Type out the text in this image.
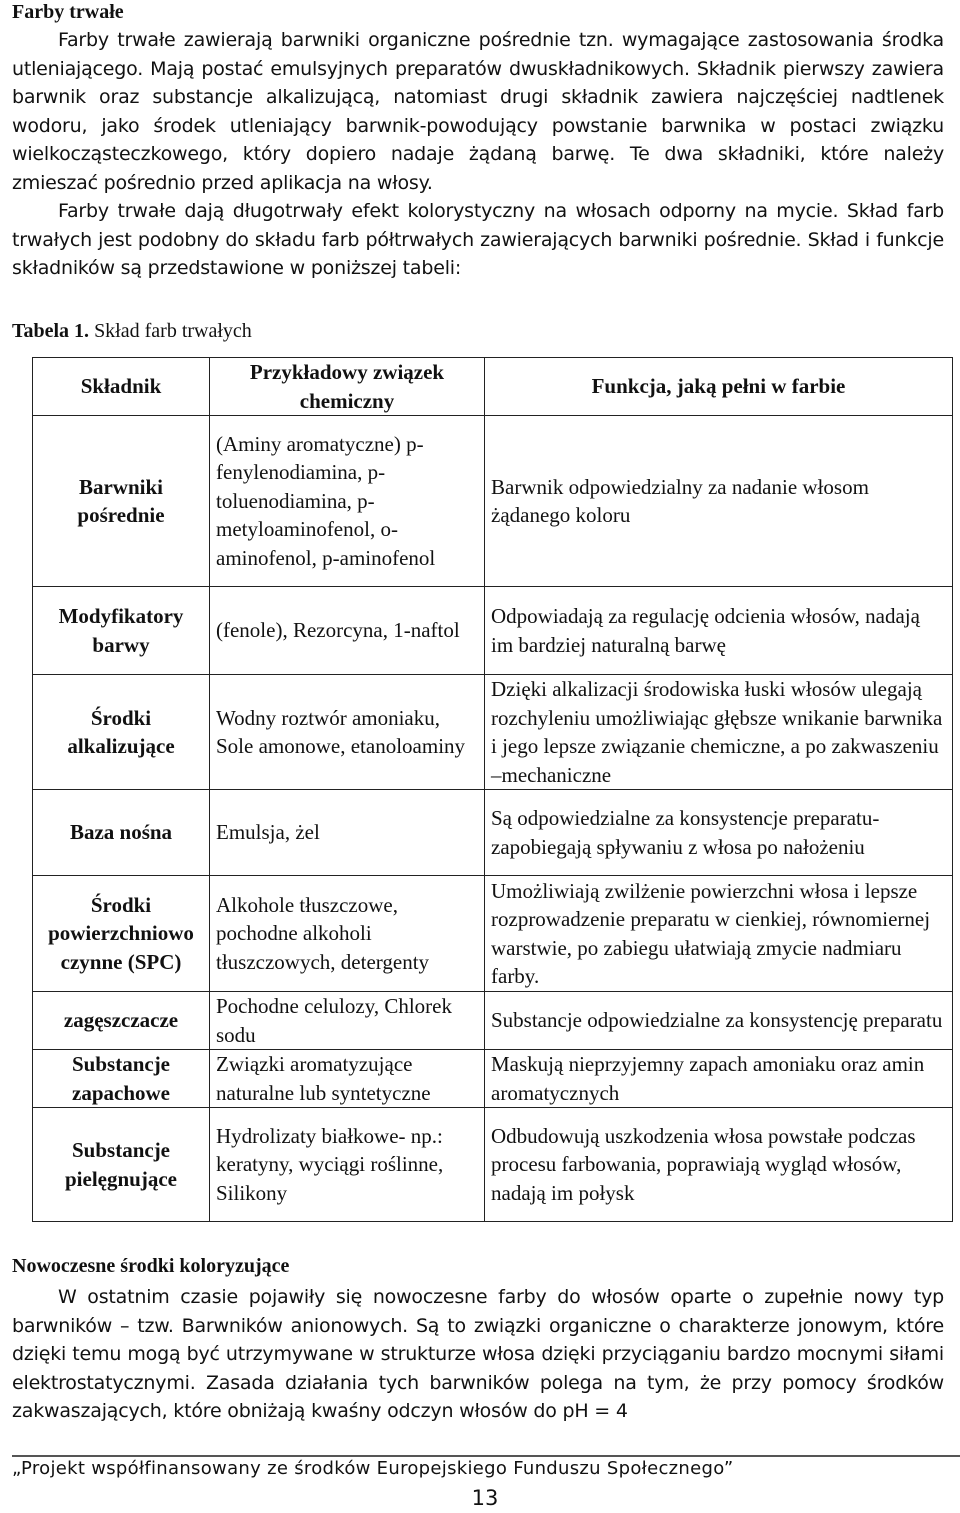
Farby trwałe

Farby trwałe zawierają barwniki organiczne pośrednie tzn. wymagające zastosowania środka utleniającego. Mają postać emulsyjnych preparatów dwuskładnikowych. Składnik pierwszy zawiera barwnik oraz substancje alkalizującą, natomiast drugi składnik zawiera najczęściej nadtlenek wodoru, jako środek utleniający barwnik-powodujący powstanie barwnika w postaci związku wielkocząsteczkowego, który dopiero nadaje żądaną barwę. Te dwa składniki, które należy zmieszać pośrednio przed aplikacja na włosy.

Farby trwałe dają długotrwały efekt kolorystyczny na włosach odporny na mycie. Skład farb trwałych jest podobny do składu farb półtrwałych zawierających barwniki pośrednie. Skład i funkcje składników są przedstawione w poniższej tabeli:

Tabela 1. Skład farb trwałych
Składnik	Przykładowy związek chemiczny	Funkcja, jaką pełni w farbie
Barwniki pośrednie	(Aminy aromatyczne) p-fenylenodiamina, p-toluenodiamina, p-metyloaminofenol, o-aminofenol, p-aminofenol	Barwnik odpowiedzialny za nadanie włosom żądanego koloru
Modyfikatory barwy	(fenole), Rezorcyna, 1-naftol	Odpowiadają za regulację odcienia włosów, nadają im bardziej naturalną barwę
Środki alkalizujące	Wodny roztwór amoniaku, Sole amonowe, etanoloaminy	Dzięki alkalizacji środowiska łuski włosów ulegają rozchyleniu umożliwiając głębsze wnikanie barwnika i jego lepsze związanie chemiczne, a po zakwaszeniu –mechaniczne
Baza nośna	Emulsja, żel	Są odpowiedzialne za konsystencje preparatu-zapobiegają spływaniu z włosa po nałożeniu
Środki powierzchniowo czynne (SPC)	Alkohole tłuszczowe, pochodne alkoholi tłuszczowych, detergenty	Umożliwiają zwilżenie powierzchni włosa i lepsze rozprowadzenie preparatu w cienkiej, równomiernej warstwie, po zabiegu ułatwiają zmycie nadmiaru farby.
zagęszczacze	Pochodne celulozy, Chlorek sodu	Substancje odpowiedzialne za konsystencję preparatu
Substancje zapachowe	Związki aromatyzujące naturalne lub syntetyczne	Maskują nieprzyjemny zapach amoniaku oraz amin aromatycznych
Substancje pielęgnujące	Hydrolizaty białkowe- np.: keratyny, wyciągi roślinne, Silikony	Odbudowują uszkodzenia włosa powstałe podczas procesu farbowania, poprawiają wygląd włosów, nadają im połysk
Nowoczesne środki koloryzujące

W ostatnim czasie pojawiły się nowoczesne farby do włosów oparte o zupełnie nowy typ barwników – tzw. Barwników anionowych. Są to związki organiczne o charakterze jonowym, które dzięki temu mogą być utrzymywane w strukturze włosa dzięki przyciąganiu bardzo mocnymi siłami elektrostatycznymi. Zasada działania tych barwników polega na tym, że przy pomocy środków zakwaszających, które obniżają kwaśny odczyn włosów do pH = 4

„Projekt współfinansowany ze środków Europejskiego Funduszu Społecznego”
13
